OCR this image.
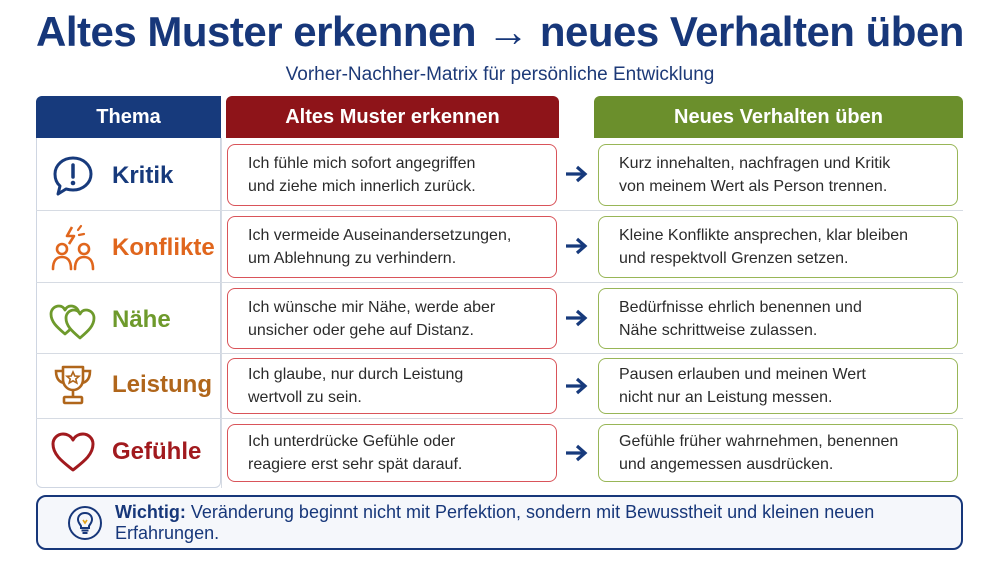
Altes Muster erkennen → neues Verhalten üben
Vorher-Nachher-Matrix für persönliche Entwicklung
Thema	Altes Muster erkennen	Neues Verhalten üben
Kritik	Ich fühle mich sofort angegriffen
und ziehe mich innerlich zurück.
Kurz innehalten, nachfragen und Kritik
von meinem Wert als Person trennen.
Konflikte Ich vermeide Auseinandersetzungen,
um Ablehnung zu verhindern.
Kleine Konflikte ansprechen, klar bleiben
und respektvoll Grenzen setzen.
Nähe	Ich wünsche mir Nähe, werde aber
unsicher oder gehe auf Distanz.
Bedürfnisse ehrlich benennen und
Nähe schrittweise zulassen.
Leistung Ich glaube, nur durch Leistung
wertvoll zu sein.
Pausen erlauben und meinen Wert
nicht nur an Leistung messen.
Gefühle	Ich unterdrücke Gefühle oder
reagiere erst sehr spät darauf.
Gefühle früher wahrnehmen, benennen
und angemessen ausdrücken.
Wichtig: Veränderung beginnt nicht mit Perfektion, sondern mit Bewusstheit und kleinen neuen Erfahrungen.
